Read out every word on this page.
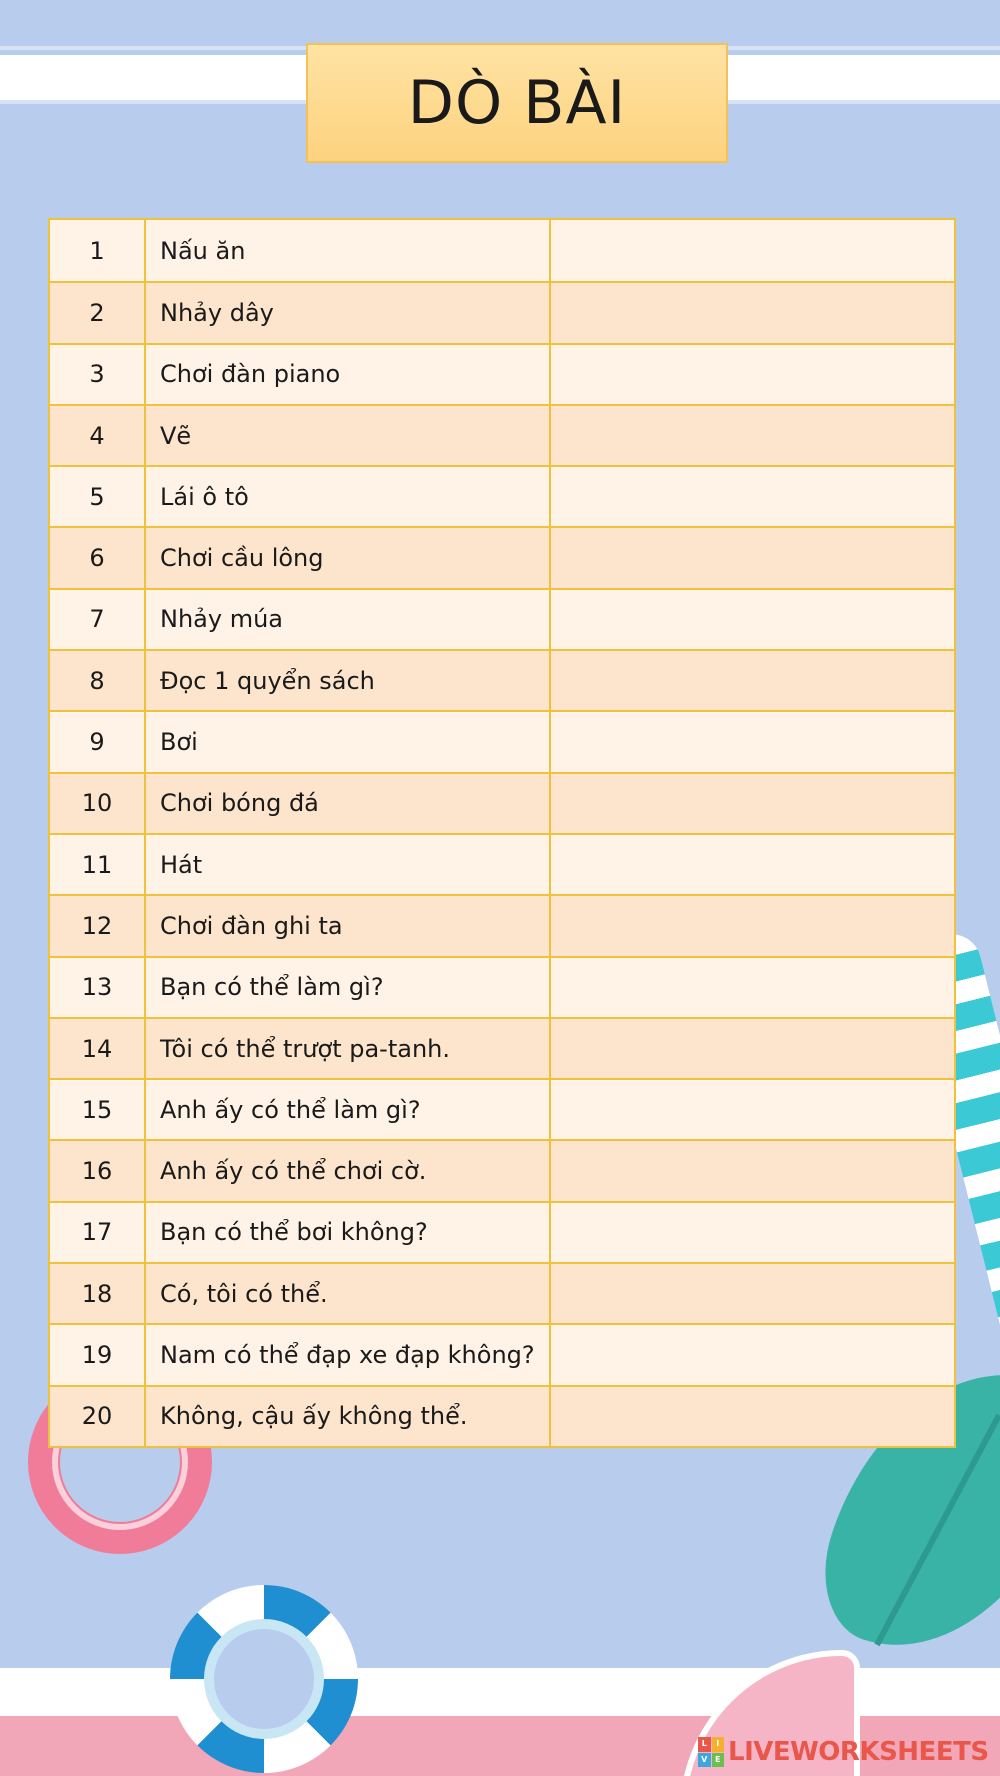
DÒ BÀI
1	Nấu ăn
2	Nhảy dây
3	Chơi đàn piano
4	Vẽ
5	Lái ô tô
6	Chơi cầu lông
7	Nhảy múa
8	Đọc 1 quyển sách
9	Bơi
10	Chơi bóng đá
11	Hát
12	Chơi đàn ghi ta
13	Bạn có thể làm gì?
14	Tôi có thể trượt pa-tanh.
15	Anh ấy có thể làm gì?
16	Anh ấy có thể chơi cờ.
17	Bạn có thể bơi không?
18	Có, tôi có thể.
19	Nam có thể đạp xe đạp không?
20	Không, cậu ấy không thể.
L	I
V E LIVEWORKSHEETS
